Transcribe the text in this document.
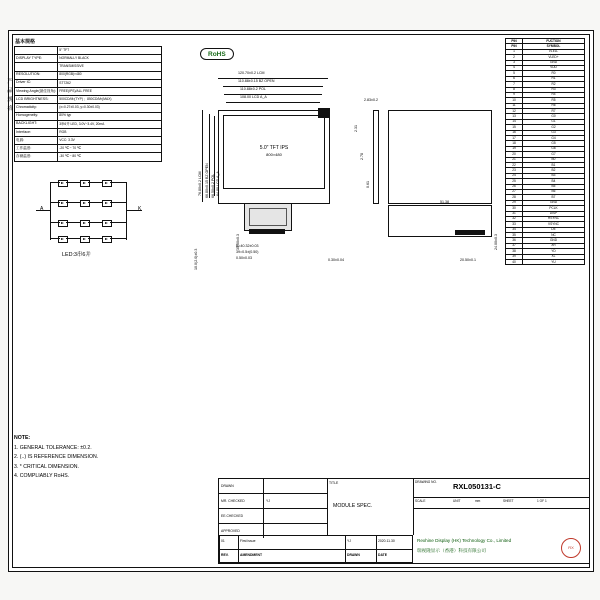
基本规格
	5" TFT
DISPLAY TYPE:	NORMALLY BLACK
	TRANSMISSIVE
RESOLUTION:	800(RGB)×480
Driver IC:	ST7262
Viewing Angle(最佳视角):	FREE(IPS)/ALL FREE
LCD BRIGHTNESS:	500CD/M²(TYP) ；850CD/M²(MAX)
Chromaticity:	(x=0.27±0.03, y=0.30±0.03)
Homogeneity:	80% typ
BACKLIGHT:	3串6并 LED, 3.0V~3.4V, 20mA
Interface:	RGB
电源:	VCC: 3.3V
工作温度:	-20 ℃ ~ 70 ℃
存储温度:	-30 ℃ ~ 80 ℃
产 品 规 格
RoHS
A	K
LED:3串6并
5.0" TFT IPS
800×480
120.70±0.2 LCM
110.88±0.15 BZ OPEN
110.88±0.2 POL
108.00 LCD A_A
76.80±0.2 LCM 66.80±0.15 BZ OPEN 66.50±0.2 POL 64.80 LCD A_A
35.00±0.3
10.0(2.0)±0.3
B=40.32±0.03
39=0.5±(0.50)
0.50±0.03
2.83±0.2
2.31
2.78
0.61
51.38
24.00±0.3
20.50±0.1
0.30±0.04
NOTE:
1. GENERAL TOLERANCE: ±0.2.
2. (..) IS REFERENCE DIMENSION.
3. * CRITICAL DIMENSION.
4. COMPLIABLY RoHS.
PIN	FUCTION
PIN	SYMBOL
1	VLED-
2	VLED+
3	GND
4	VDD
5	R0
6	R1
7	R2
8	R3
9	R4
10	R5
11	R6
12	R7
13	G0
14	G1
15	G2
16	G3
17	G4
18	G5
19	G6
20	G7
21	B0
22	B1
23	B2
24	B3
25	B4
26	B5
27	B6
28	B7
29	GND
30	PCLK
31	DISP
32	HSYNC
33	VSYNC
34	DE
35	NC
36	GND
37	XR
38	YD
39	XL
40	YU
DRAWN
MR. CHECKED	YJ
EE.CHECKED
APPROVED
TITLE
MODULE SPEC.
DRAWING NO. RXL050131-C
SCALE	UNIT	mm	SHEET	1 OF 1
Rexhine Display (HK) Technology Co., Limited
瑞视隆显示（香港）科技有限公司
RX
01	First issue	YJ	2020.11.30
REV.	AMENDMENT	DRAWN	DATE
